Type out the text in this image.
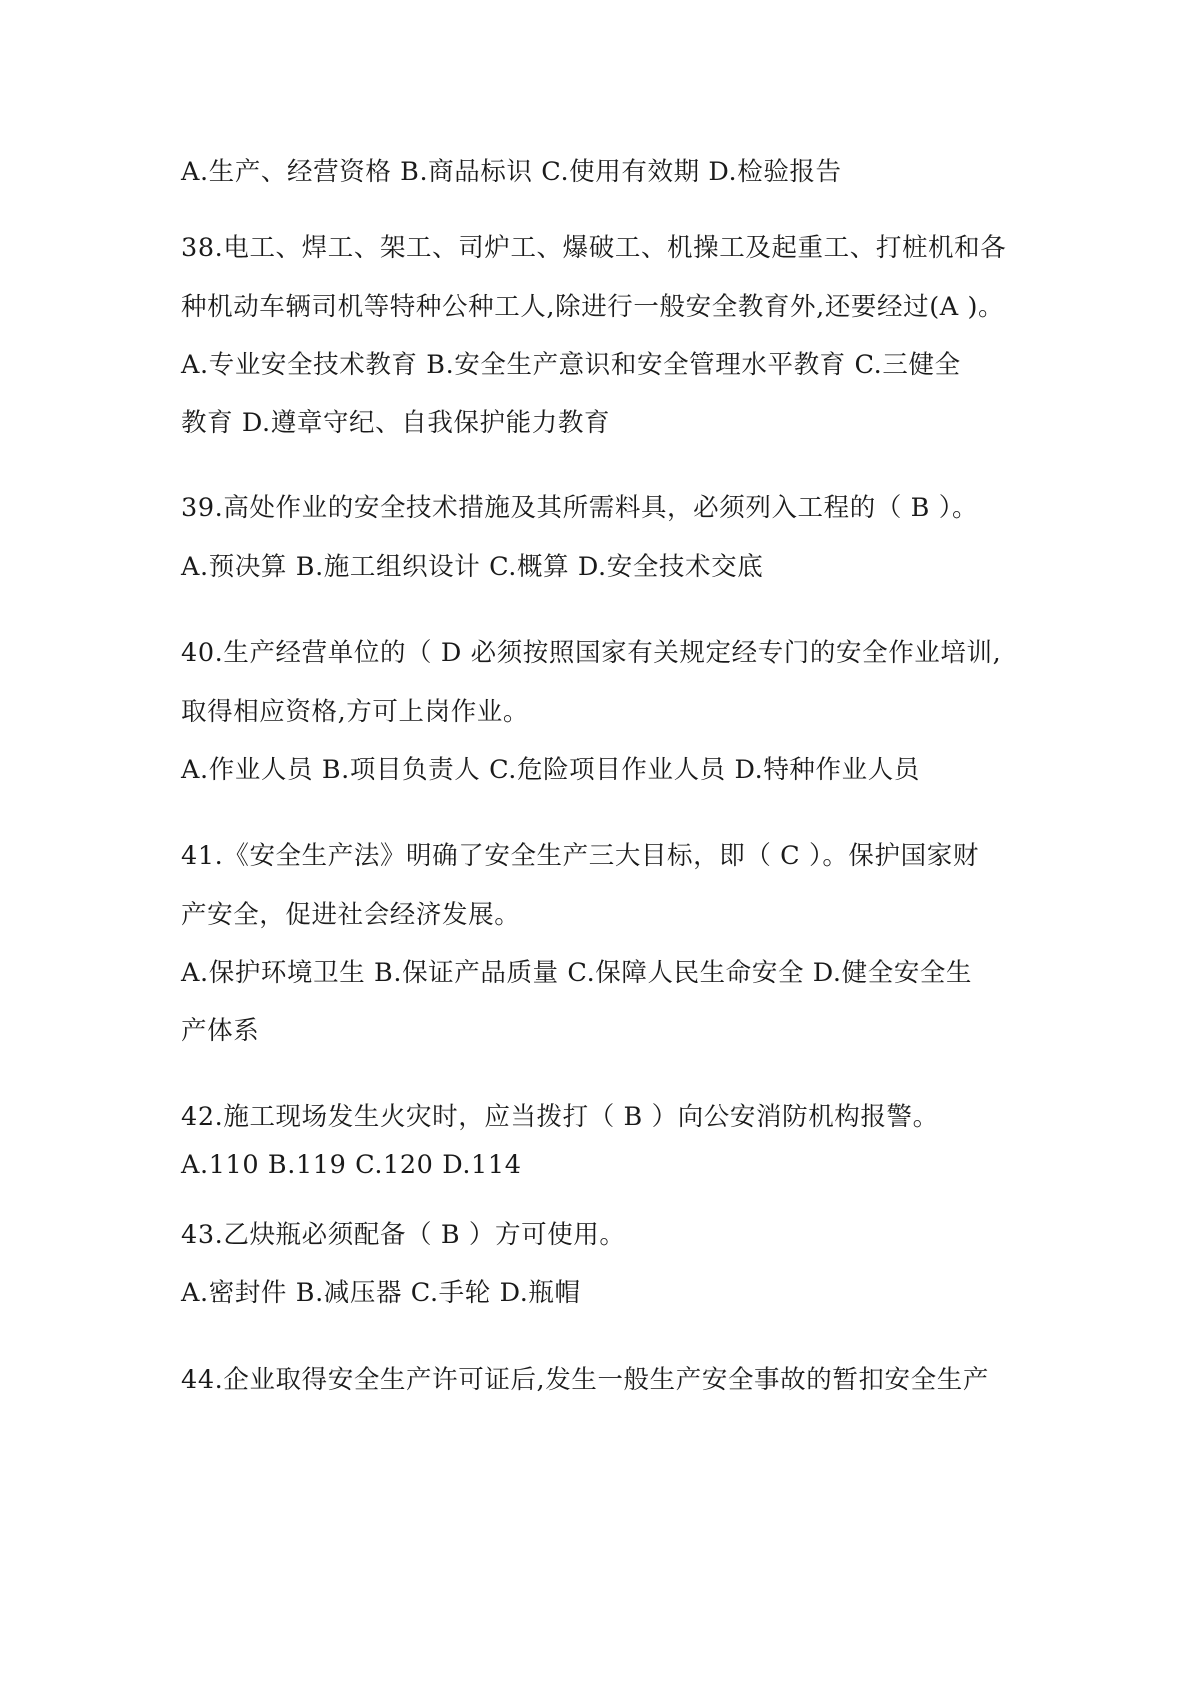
A.生产、经营资格 B.商品标识 C.使用有效期 D.检验报告
38.电工、焊工、架工、司炉工、爆破工、机操工及起重工、打桩机和各
种机动车辆司机等特种公种工人,除进行一般安全教育外,还要经过(A )。
A.专业安全技术教育 B.安全生产意识和安全管理水平教育 C.三健全
教育 D.遵章守纪、自我保护能力教育
39.高处作业的安全技术措施及其所需料具，必须列入工程的（ B ）。
A.预决算 B.施工组织设计 C.概算 D.安全技术交底
40.生产经营单位的（ D 必须按照国家有关规定经专门的安全作业培训,
取得相应资格,方可上岗作业。
A.作业人员 B.项目负责人 C.危险项目作业人员 D.特种作业人员
41.《安全生产法》明确了安全生产三大目标，即（ C ）。保护国家财
产安全，促进社会经济发展。
A.保护环境卫生 B.保证产品质量 C.保障人民生命安全 D.健全安全生
产体系
42.施工现场发生火灾时，应当拨打（ B ）向公安消防机构报警。
A.110 B.119 C.120 D.114
43.乙炔瓶必须配备（ B ）方可使用。
A.密封件 B.减压器 C.手轮 D.瓶帽
44.企业取得安全生产许可证后,发生一般生产安全事故的暂扣安全生产
